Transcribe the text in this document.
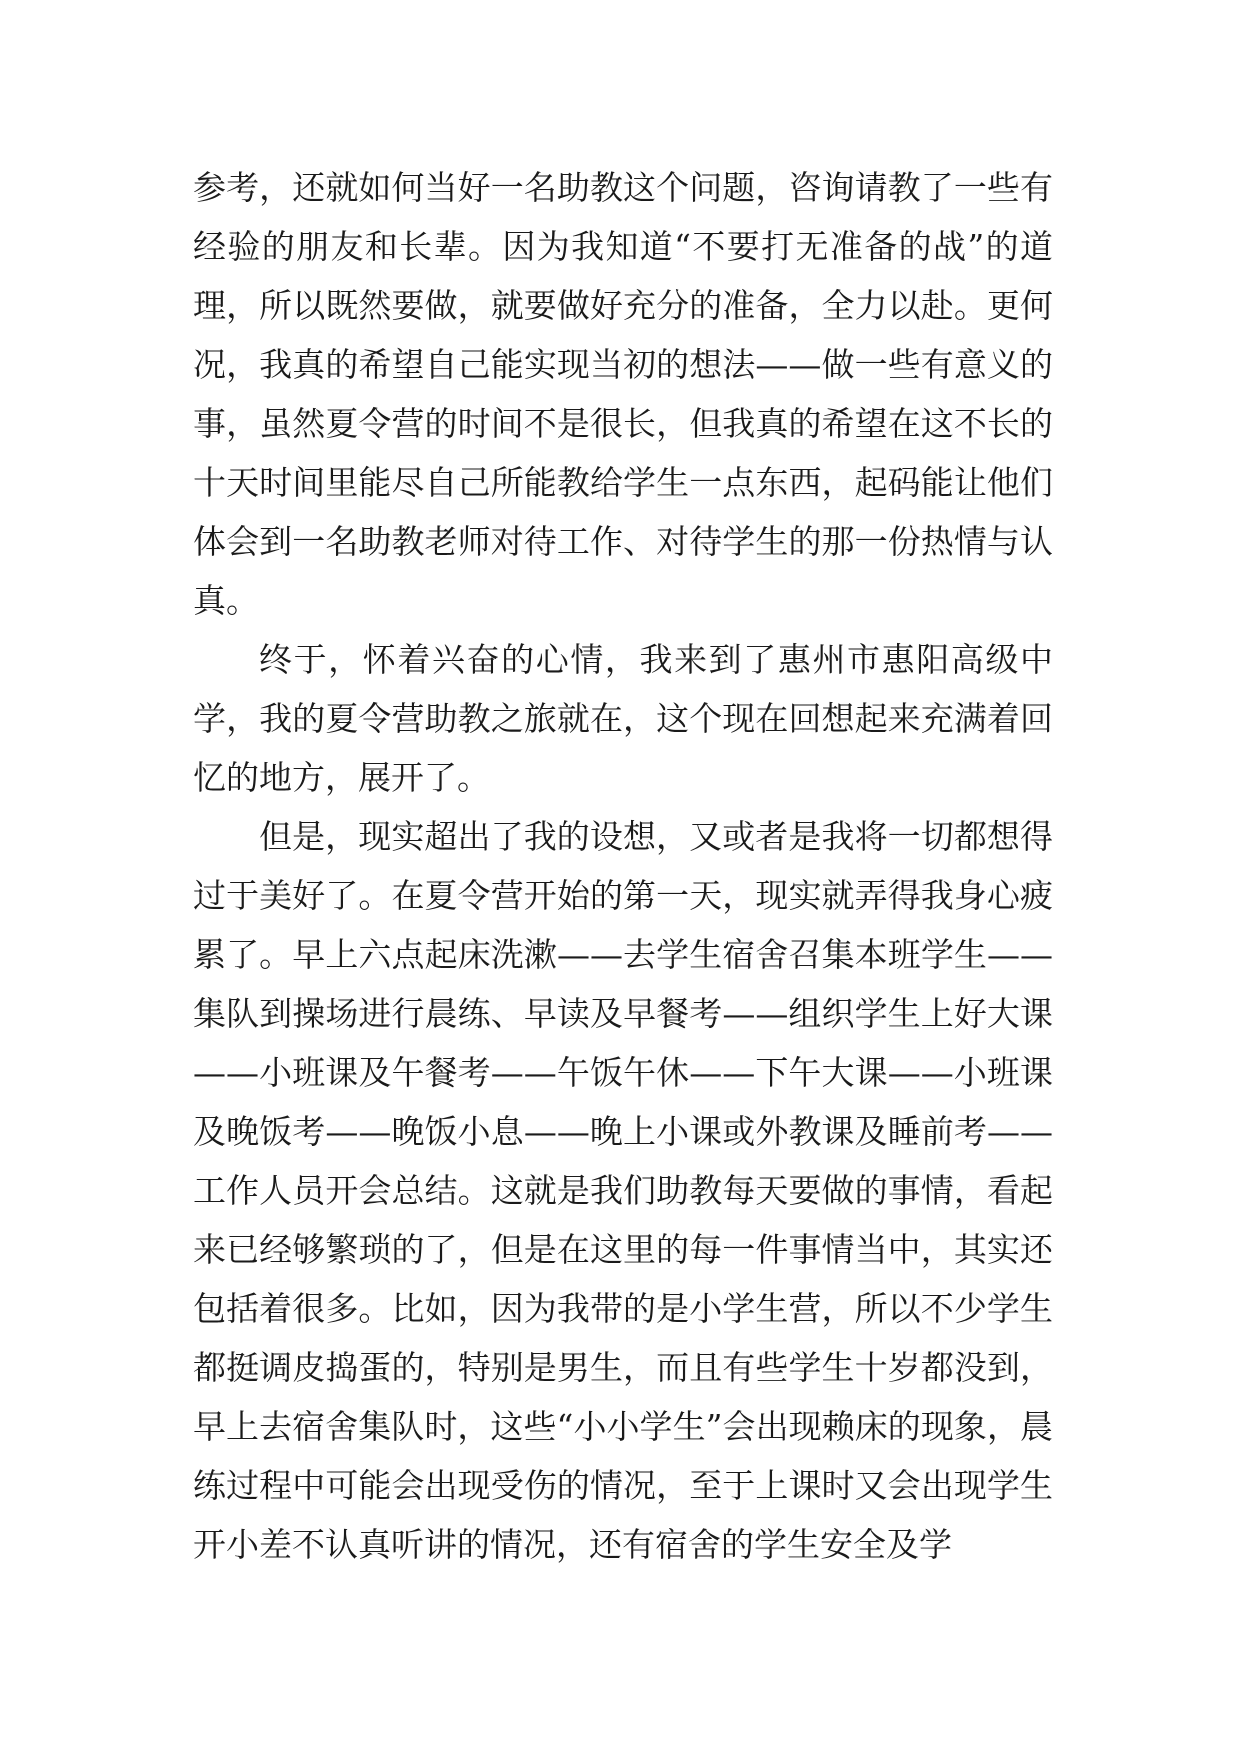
参考，还就如何当好一名助教这个问题，咨询请教了一些有经验的朋友和长辈。因为我知道“不要打无准备的战”的道理，所以既然要做，就要做好充分的准备，全力以赴。更何况，我真的希望自己能实现当初的想法——做一些有意义的事，虽然夏令营的时间不是很长，但我真的希望在这不长的十天时间里能尽自己所能教给学生一点东西，起码能让他们体会到一名助教老师对待工作、对待学生的那一份热情与认真。

终于，怀着兴奋的心情，我来到了惠州市惠阳高级中学，我的夏令营助教之旅就在，这个现在回想起来充满着回忆的地方，展开了。

但是，现实超出了我的设想，又或者是我将一切都想得过于美好了。在夏令营开始的第一天，现实就弄得我身心疲累了。早上六点起床洗漱——去学生宿舍召集本班学生——集队到操场进行晨练、早读及早餐考——组织学生上好大课——小班课及午餐考——午饭午休——下午大课——小班课及晚饭考——晚饭小息——晚上小课或外教课及睡前考——工作人员开会总结。这就是我们助教每天要做的事情，看起来已经够繁琐的了，但是在这里的每一件事情当中，其实还包括着很多。比如，因为我带的是小学生营，所以不少学生都挺调皮捣蛋的，特别是男生，而且有些学生十岁都没到，早上去宿舍集队时，这些“小小学生”会出现赖床的现象，晨练过程中可能会出现受伤的情况，至于上课时又会出现学生开小差不认真听讲的情况，还有宿舍的学生安全及学
